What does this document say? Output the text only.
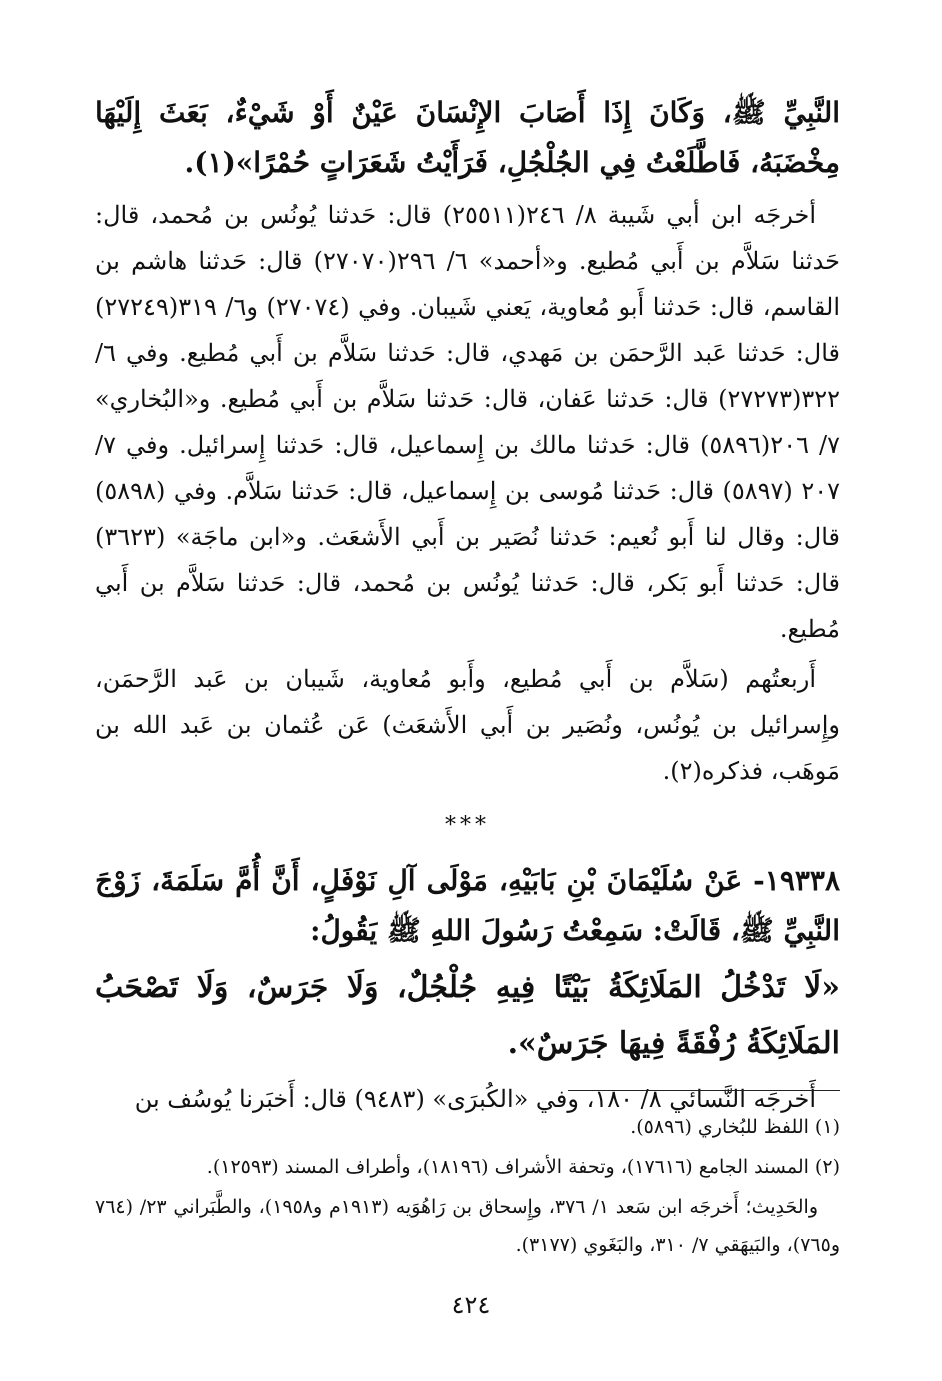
النَّبِيِّ ﷺ، وَكَانَ إِذَا أَصَابَ الإِنْسَانَ عَيْنٌ أَوْ شَيْءٌ، بَعَثَ إِلَيْهَا مِخْضَبَهُ، فَاطَّلَعْتُ فِي الجُلْجُلِ، فَرَأَيْتُ شَعَرَاتٍ حُمْرًا»(١).

أخرجَه ابن أبي شَيبة ٨/ ٢٤٦(٢٥٥١١) قال: حَدثنا يُونُس بن مُحمد، قال: حَدثنا سَلاَّم بن أَبي مُطيع. و«أحمد» ٦/ ٢٩٦(٢٧٠٧٠) قال: حَدثنا هاشم بن القاسم، قال: حَدثنا أَبو مُعاوية، يَعني شَيبان. وفي (٢٧٠٧٤) و٦/ ٣١٩(٢٧٢٤٩) قال: حَدثنا عَبد الرَّحمَن بن مَهدي، قال: حَدثنا سَلاَّم بن أَبي مُطيع. وفي ٦/ ٣٢٢(٢٧٢٧٣) قال: حَدثنا عَفان، قال: حَدثنا سَلاَّم بن أَبي مُطيع. و«البُخاري» ٧/ ٢٠٦(٥٨٩٦) قال: حَدثنا مالك بن إِسماعيل، قال: حَدثنا إِسرائيل. وفي ٧/ ٢٠٧ (٥٨٩٧) قال: حَدثنا مُوسى بن إِسماعيل، قال: حَدثنا سَلاَّم. وفي (٥٨٩٨) قال: وقال لنا أَبو نُعيم: حَدثنا نُصَير بن أَبي الأَشعَث. و«ابن ماجَة» (٣٦٢٣) قال: حَدثنا أَبو بَكر، قال: حَدثنا يُونُس بن مُحمد، قال: حَدثنا سَلاَّم بن أَبي مُطيع.

أَربعتُهم (سَلاَّم بن أَبي مُطيع، وأَبو مُعاوية، شَيبان بن عَبد الرَّحمَن، وإِسرائيل بن يُونُس، ونُصَير بن أَبي الأَشعَث) عَن عُثمان بن عَبد الله بن مَوهَب، فذكره(٢).

***

١٩٣٣٨- عَنْ سُلَيْمَانَ بْنِ بَابَيْهِ، مَوْلَى آلِ نَوْفَلٍ، أَنَّ أُمَّ سَلَمَةَ، زَوْجَ النَّبِيِّ ﷺ، قَالَتْ: سَمِعْتُ رَسُولَ اللهِ ﷺ يَقُولُ:

«لَا تَدْخُلُ المَلَائِكَةُ بَيْتًا فِيهِ جُلْجُلٌ، وَلَا جَرَسٌ، وَلَا تَصْحَبُ المَلَائِكَةُ رُفْقَةً فِيهَا جَرَسٌ».

أَخرجَه النَّسائي ٨/ ١٨٠، وفي «الكُبرَى» (٩٤٨٣) قال: أَخبَرنا يُوسُف بن

(١) اللفظ للبُخاري (٥٨٩٦).

(٢) المسند الجامع (١٧٦١٦)، وتحفة الأشراف (١٨١٩٦)، وأطراف المسند (١٢٥٩٣).

والحَدِيث؛ أَخرجَه ابن سَعد ١/ ٣٧٦، وإِسحاق بن رَاهُوَيه (١٩١٣م و١٩٥٨)، والطَّبَراني ٢٣/ (٧٦٤ و٧٦٥)، والبَيهَقي ٧/ ٣١٠، والبَغَوي (٣١٧٧).

٤٢٤
